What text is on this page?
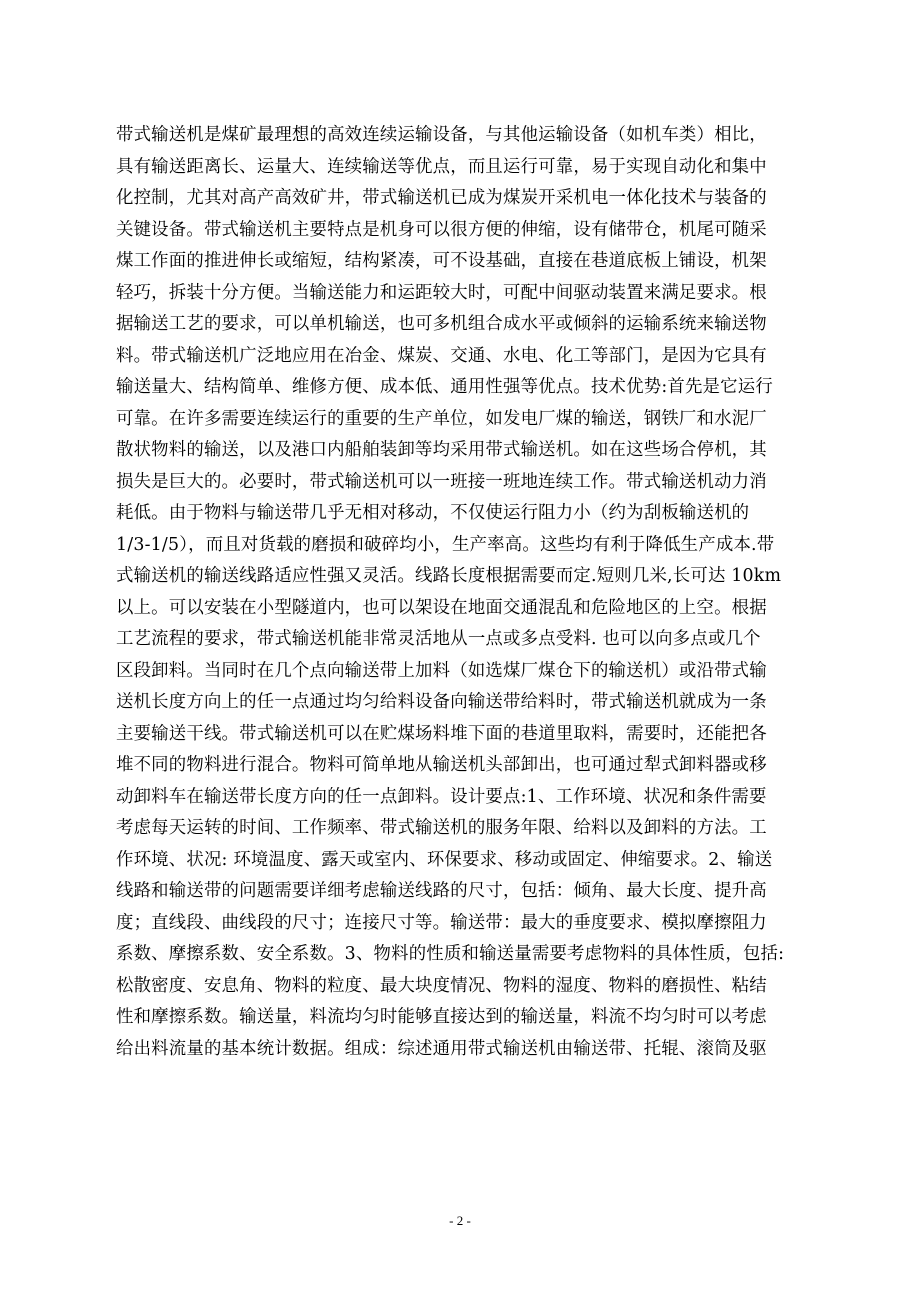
带式输送机是煤矿最理想的高效连续运输设备，与其他运输设备（如机车类）相比，
具有输送距离长、运量大、连续输送等优点，而且运行可靠，易于实现自动化和集中
化控制，尤其对高产高效矿井，带式输送机已成为煤炭开采机电一体化技术与装备的
关键设备。带式输送机主要特点是机身可以很方便的伸缩，设有储带仓，机尾可随采
煤工作面的推进伸长或缩短，结构紧凑，可不设基础，直接在巷道底板上铺设，机架
轻巧，拆装十分方便。当输送能力和运距较大时，可配中间驱动装置来满足要求。根
据输送工艺的要求，可以单机输送，也可多机组合成水平或倾斜的运输系统来输送物
料。带式输送机广泛地应用在冶金、煤炭、交通、水电、化工等部门，是因为它具有
输送量大、结构简单、维修方便、成本低、通用性强等优点。技术优势:首先是它运行
可靠。在许多需要连续运行的重要的生产单位，如发电厂煤的输送，钢铁厂和水泥厂
散状物料的输送，以及港口内船舶装卸等均采用带式输送机。如在这些场合停机，其
损失是巨大的。必要时，带式输送机可以一班接一班地连续工作。带式输送机动力消
耗低。由于物料与输送带几乎无相对移动，不仅使运行阻力小（约为刮板输送机的
1/3-1/5），而且对货载的磨损和破碎均小，生产率高。这些均有利于降低生产成本.带
式输送机的输送线路适应性强又灵活。线路长度根据需要而定.短则几米,长可达 10km
以上。可以安装在小型隧道内，也可以架设在地面交通混乱和危险地区的上空。根据
工艺流程的要求，带式输送机能非常灵活地从一点或多点受料. 也可以向多点或几个
区段卸料。当同时在几个点向输送带上加料（如选煤厂煤仓下的输送机）或沿带式输
送机长度方向上的任一点通过均匀给料设备向输送带给料时，带式输送机就成为一条
主要输送干线。带式输送机可以在贮煤场料堆下面的巷道里取料，需要时，还能把各
堆不同的物料进行混合。物料可简单地从输送机头部卸出，也可通过犁式卸料器或移
动卸料车在输送带长度方向的任一点卸料。设计要点:1、工作环境、状况和条件需要
考虑每天运转的时间、工作频率、带式输送机的服务年限、给料以及卸料的方法。工
作环境、状况: 环境温度、露天或室内、环保要求、移动或固定、伸缩要求。2、输送
线路和输送带的问题需要详细考虑输送线路的尺寸，包括：倾角、最大长度、提升高
度；直线段、曲线段的尺寸；连接尺寸等。输送带：最大的垂度要求、模拟摩擦阻力
系数、摩擦系数、安全系数。3、物料的性质和输送量需要考虑物料的具体性质，包括:
松散密度、安息角、物料的粒度、最大块度情况、物料的湿度、物料的磨损性、粘结
性和摩擦系数。输送量，料流均匀时能够直接达到的输送量，料流不均匀时可以考虑
给出料流量的基本统计数据。组成：综述通用带式输送机由输送带、托辊、滚筒及驱
- 2 -
